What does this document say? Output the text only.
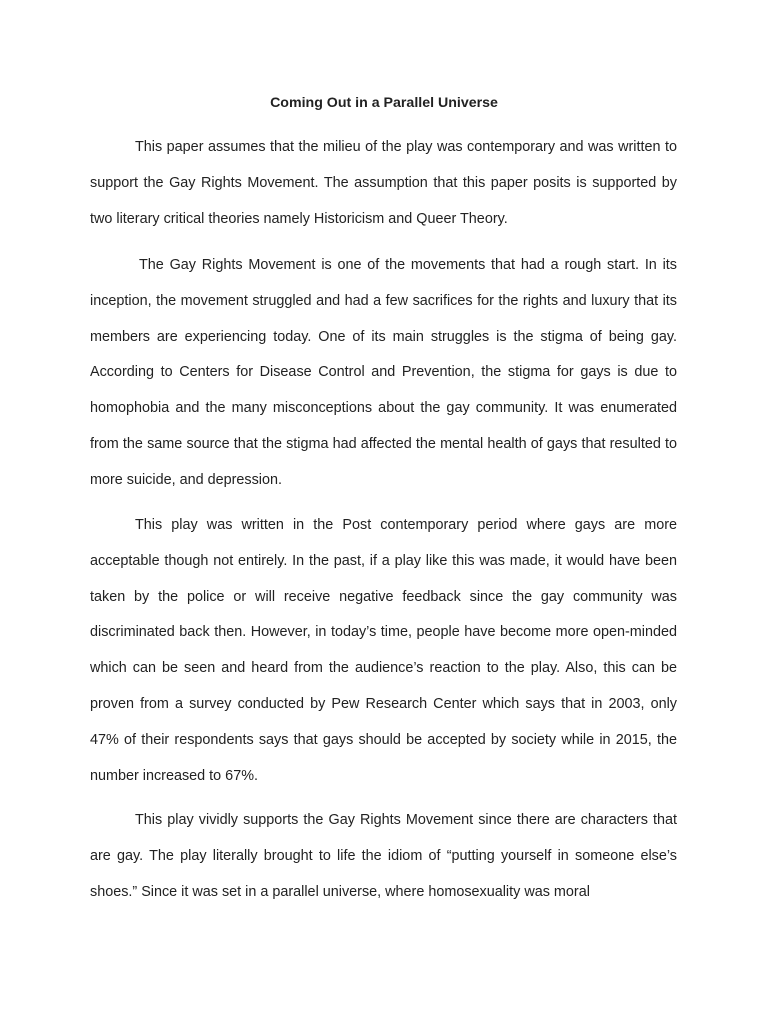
Coming Out in a Parallel Universe

This paper assumes that the milieu of the play was contemporary and was written to support the Gay Rights Movement. The assumption that this paper posits is supported by two literary critical theories namely Historicism and Queer Theory.

The Gay Rights Movement is one of the movements that had a rough start. In its inception, the movement struggled and had a few sacrifices for the rights and luxury that its members are experiencing today. One of its main struggles is the stigma of being gay. According to Centers for Disease Control and Prevention, the stigma for gays is due to homophobia and the many misconceptions about the gay community. It was enumerated from the same source that the stigma had affected the mental health of gays that resulted to more suicide, and depression.

This play was written in the Post contemporary period where gays are more acceptable though not entirely. In the past, if a play like this was made, it would have been taken by the police or will receive negative feedback since the gay community was discriminated back then. However, in today’s time, people have become more open-minded which can be seen and heard from the audience’s reaction to the play. Also, this can be proven from a survey conducted by Pew Research Center which says that in 2003, only 47% of their respondents says that gays should be accepted by society while in 2015, the number increased to 67%.

This play vividly supports the Gay Rights Movement since there are characters that are gay. The play literally brought to life the idiom of “putting yourself in someone else’s shoes.” Since it was set in a parallel universe, where homosexuality was moral
